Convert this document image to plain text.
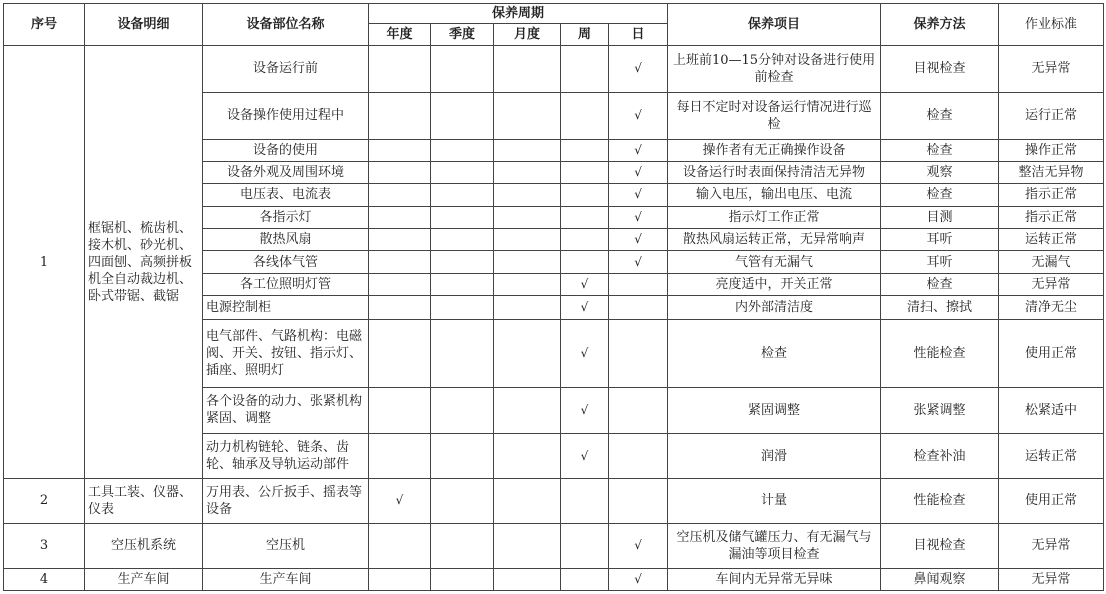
序号	设备明细	设备部位名称	保养周期					保养项目	保养方法	作业标准
			年度	季度	月度	周	日			
1	框锯机、梳齿机、接木机、砂光机、四面刨、高频拼板机全自动裁边机、卧式带锯、截锯	设备运行前					√	上班前10—15分钟对设备进行使用前检查	目视检查	无异常
		设备操作使用过程中					√	每日不定时对设备运行情况进行巡检	检查	运行正常
		设备的使用					√	操作者有无正确操作设备	检查	操作正常
		设备外观及周围环境					√	设备运行时表面保持清洁无异物	观察	整洁无异物
		电压表、电流表					√	输入电压，输出电压、电流	检查	指示正常
		各指示灯					√	指示灯工作正常	目测	指示正常
		散热风扇					√	散热风扇运转正常，无异常响声	耳听	运转正常
		各线体气管					√	气管有无漏气	耳听	无漏气
		各工位照明灯管				√		亮度适中，开关正常	检查	无异常
		电源控制柜				√		内外部清洁度	清扫、擦拭	清净无尘
		电气部件、气路机构：电磁阀、开关、按钮、指示灯、插座、照明灯				√		检查	性能检查	使用正常
		各个设备的动力、张紧机构紧固、调整				√		紧固调整	张紧调整	松紧适中
		动力机构链轮、链条、齿轮、轴承及导轨运动部件				√		润滑	检查补油	运转正常
2	工具工装、仪器、仪表	万用表、公斤扳手、摇表等设备	√					计量	性能检查	使用正常
3	空压机系统	空压机					√	空压机及储气罐压力、有无漏气与漏油等项目检查	目视检查	无异常
4	生产车间	生产车间					√	车间内无异常无异味	鼻闻观察	无异常
